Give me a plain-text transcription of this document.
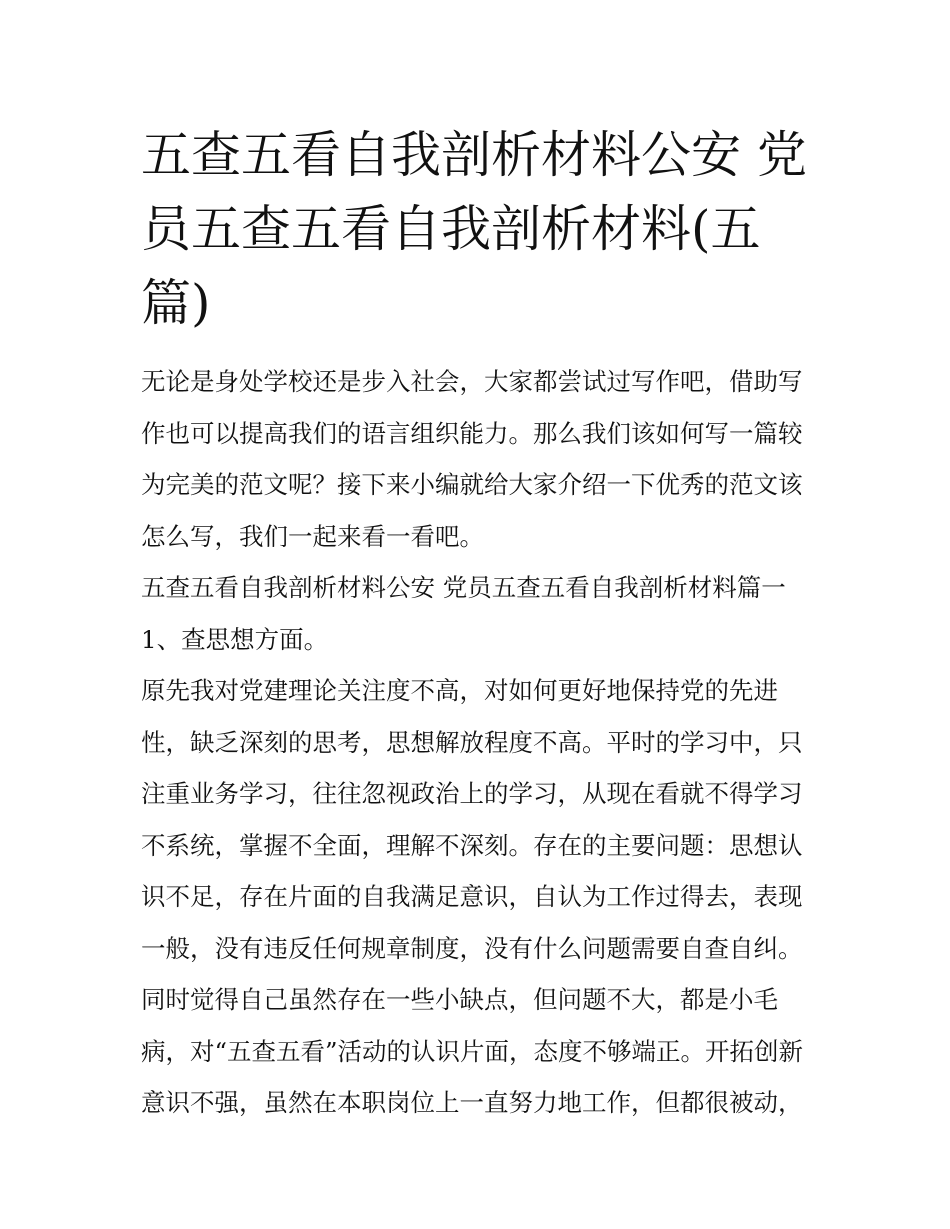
五查五看自我剖析材料公安 党
员五查五看自我剖析材料(五
篇)

无论是身处学校还是步入社会，大家都尝试过写作吧，借助写
作也可以提高我们的语言组织能力。那么我们该如何写一篇较
为完美的范文呢？接下来小编就给大家介绍一下优秀的范文该
怎么写，我们一起来看一看吧。

五查五看自我剖析材料公安 党员五查五看自我剖析材料篇一

1、查思想方面。

原先我对党建理论关注度不高，对如何更好地保持党的先进
性，缺乏深刻的思考，思想解放程度不高。平时的学习中，只
注重业务学习，往往忽视政治上的学习，从现在看就不得学习
不系统，掌握不全面，理解不深刻。存在的主要问题：思想认
识不足，存在片面的自我满足意识，自认为工作过得去，表现
一般，没有违反任何规章制度，没有什么问题需要自查自纠。
同时觉得自己虽然存在一些小缺点，但问题不大，都是小毛
病，对“五查五看”活动的认识片面，态度不够端正。开拓创新
意识不强，虽然在本职岗位上一直努力地工作，但都很被动，
